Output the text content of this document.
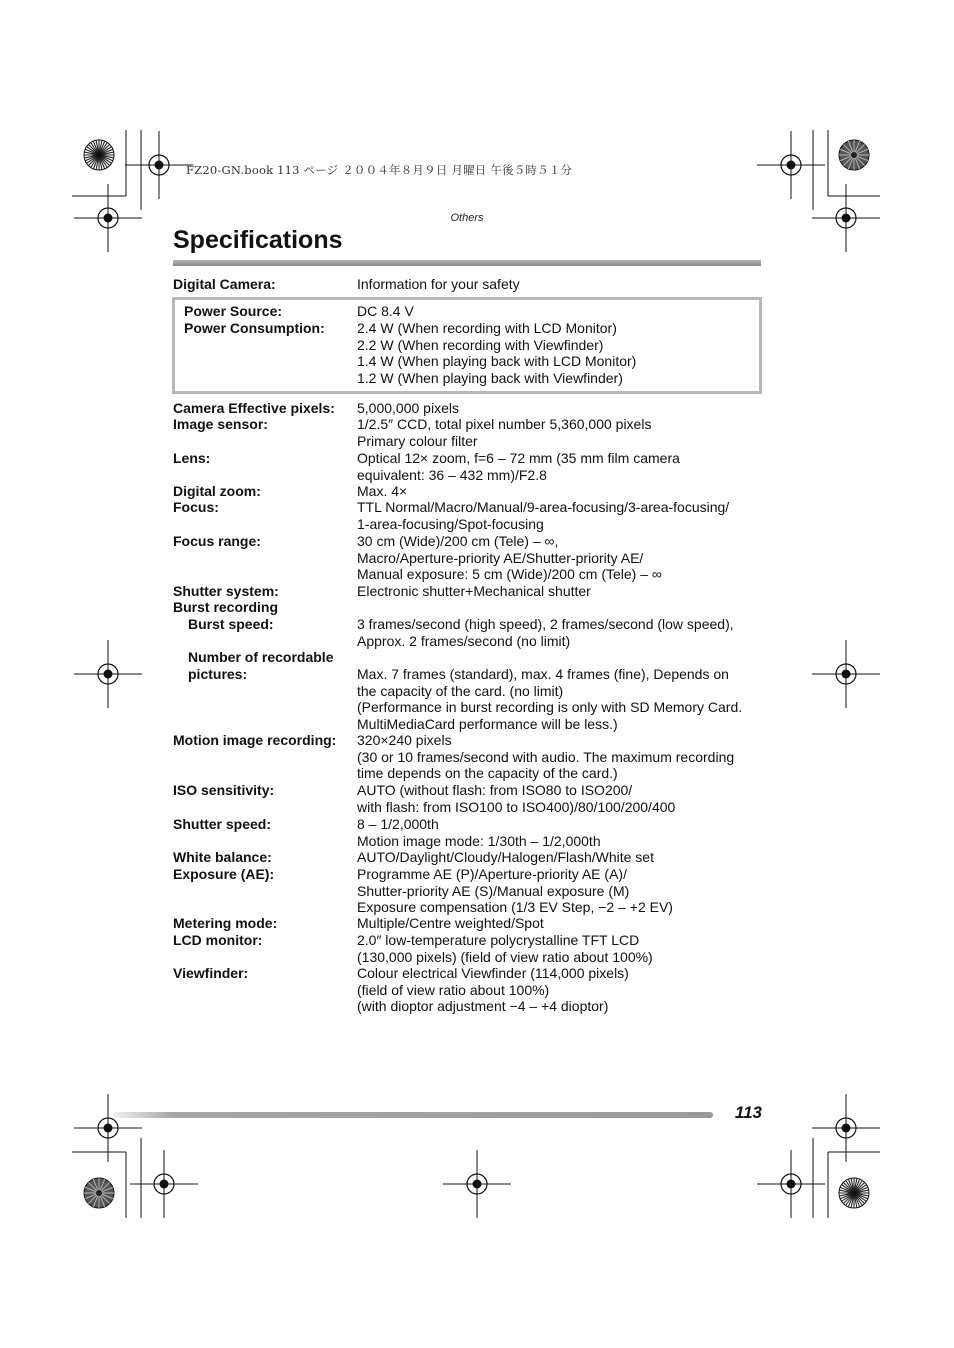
FZ20-GN.book 113 ページ ２００４年８月９日 月曜日 午後５時５１分
Others
Specifications
Digital Camera:	Information for your safety
Power Source:	DC 8.4 V
Power Consumption: 2.4 W (When recording with LCD Monitor)
2.2 W (When recording with Viewfinder)
1.4 W (When playing back with LCD Monitor)
1.2 W (When playing back with Viewfinder)
Camera Effective pixels: 5,000,000 pixels
Image sensor:	1/2.5″ CCD, total pixel number 5,360,000 pixels
Primary colour filter
Lens:	Optical 12× zoom, f=6 – 72 mm (35 mm film camera
equivalent: 36 – 432 mm)/F2.8
Digital zoom:	Max. 4×
Focus:	TTL Normal/Macro/Manual/9-area-focusing/3-area-focusing/
1-area-focusing/Spot-focusing
Focus range:	30 cm (Wide)/200 cm (Tele) – ∞,
Macro/Aperture-priority AE/Shutter-priority AE/
Manual exposure: 5 cm (Wide)/200 cm (Tele) – ∞
Shutter system:	Electronic shutter+Mechanical shutter
Burst recording
Burst speed:	3 frames/second (high speed), 2 frames/second (low speed),
Approx. 2 frames/second (no limit)
Number of recordable
pictures:	Max. 7 frames (standard), max. 4 frames (fine), Depends on
the capacity of the card. (no limit)
(Performance in burst recording is only with SD Memory Card.
MultiMediaCard performance will be less.)
Motion image recording: 320×240 pixels
(30 or 10 frames/second with audio. The maximum recording
time depends on the capacity of the card.)
ISO sensitivity:	AUTO (without flash: from ISO80 to ISO200/
with flash: from ISO100 to ISO400)/80/100/200/400
Shutter speed:	8 – 1/2,000th
Motion image mode: 1/30th – 1/2,000th
White balance:	AUTO/Daylight/Cloudy/Halogen/Flash/White set
Exposure (AE):	Programme AE (P)/Aperture-priority AE (A)/
Shutter-priority AE (S)/Manual exposure (M)
Exposure compensation (1/3 EV Step, −2 – +2 EV)
Metering mode:	Multiple/Centre weighted/Spot
LCD monitor:	2.0″ low-temperature polycrystalline TFT LCD
(130,000 pixels) (field of view ratio about 100%)
Viewfinder:	Colour electrical Viewfinder (114,000 pixels)
(field of view ratio about 100%)
(with dioptor adjustment −4 – +4 dioptor)
113
